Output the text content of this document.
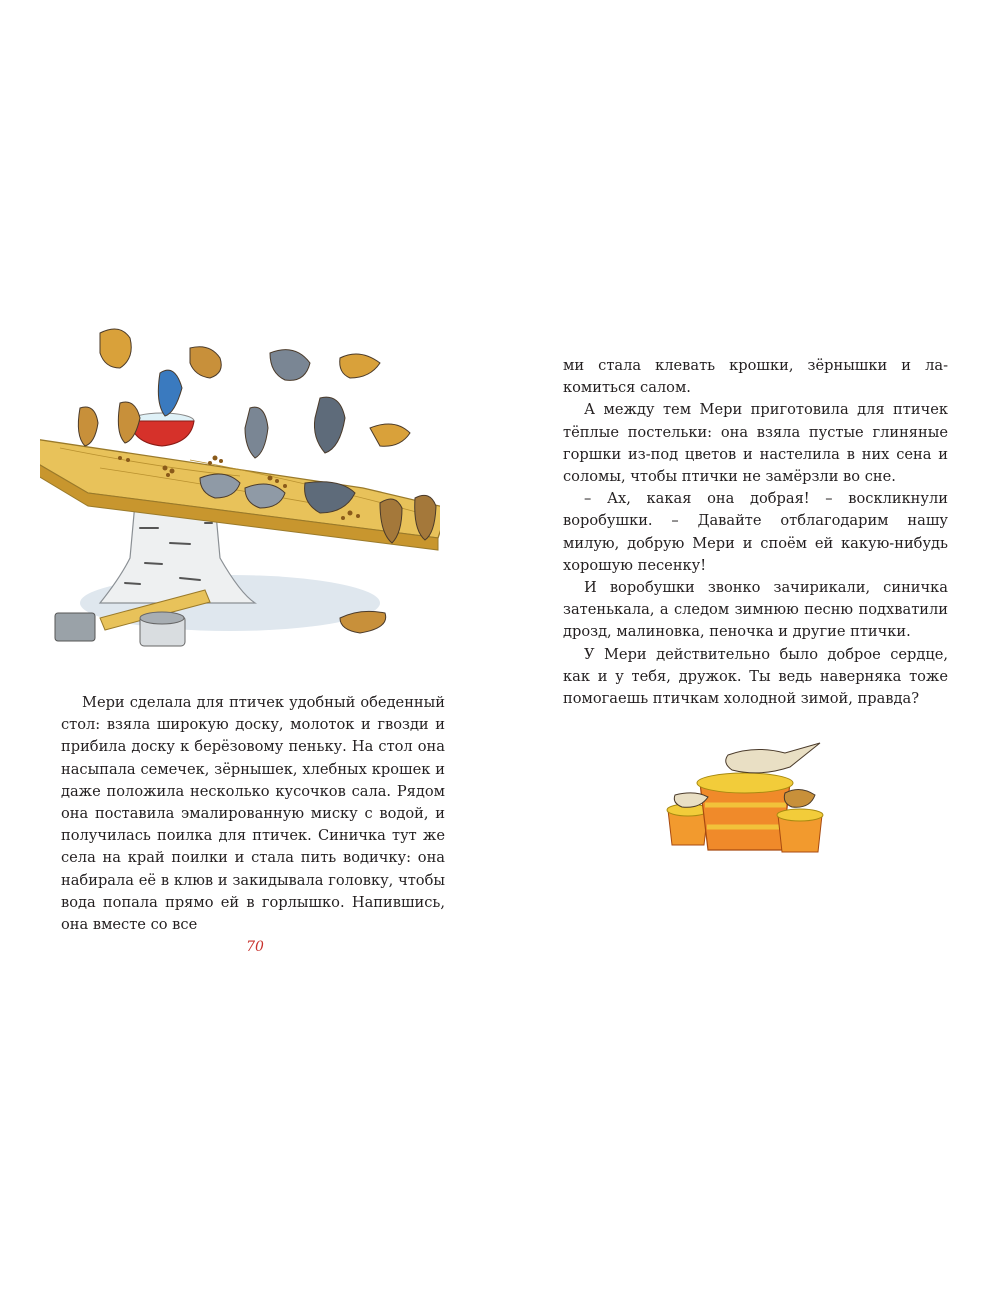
Мери сделала для птичек удобный обеденный стол: взяла широкую доску, молоток и гвозди и прибила доску к берёзовому пеньку. На стол она насыпала семечек, зёрнышек, хлебных крошек и даже положила несколько кусочков сала. Рядом она поставила эмалированную миску с водой, и получилась поилка для птичек. Синичка тут же села на край поилки и стала пить водичку: она набирала её в клюв и закидывала головку, чтобы вода попала прямо ей в горлышко. Напившись, она вместе со все

70

ми стала клевать крошки, зёрнышки и лакомиться салом.

А между тем Мери приготовила для птичек тёплые постельки: она взяла пустые глиняные горшки из-под цветов и настелила в них сена и соломы, чтобы птички не замёрзли во сне.

– Ах, какая она добрая! – воскликнули воробушки. – Давайте отблагодарим нашу милую, добрую Мери и споём ей какую-нибудь хорошую песенку!

И воробушки звонко зачирикали, синичка затенькала, а следом зимнюю песню подхватили дрозд, малиновка, пеночка и другие птички.

У Мери действительно было доброе сердце, как и у тебя, дружок. Ты ведь наверняка тоже помогаешь птичкам холодной зимой, правда?
